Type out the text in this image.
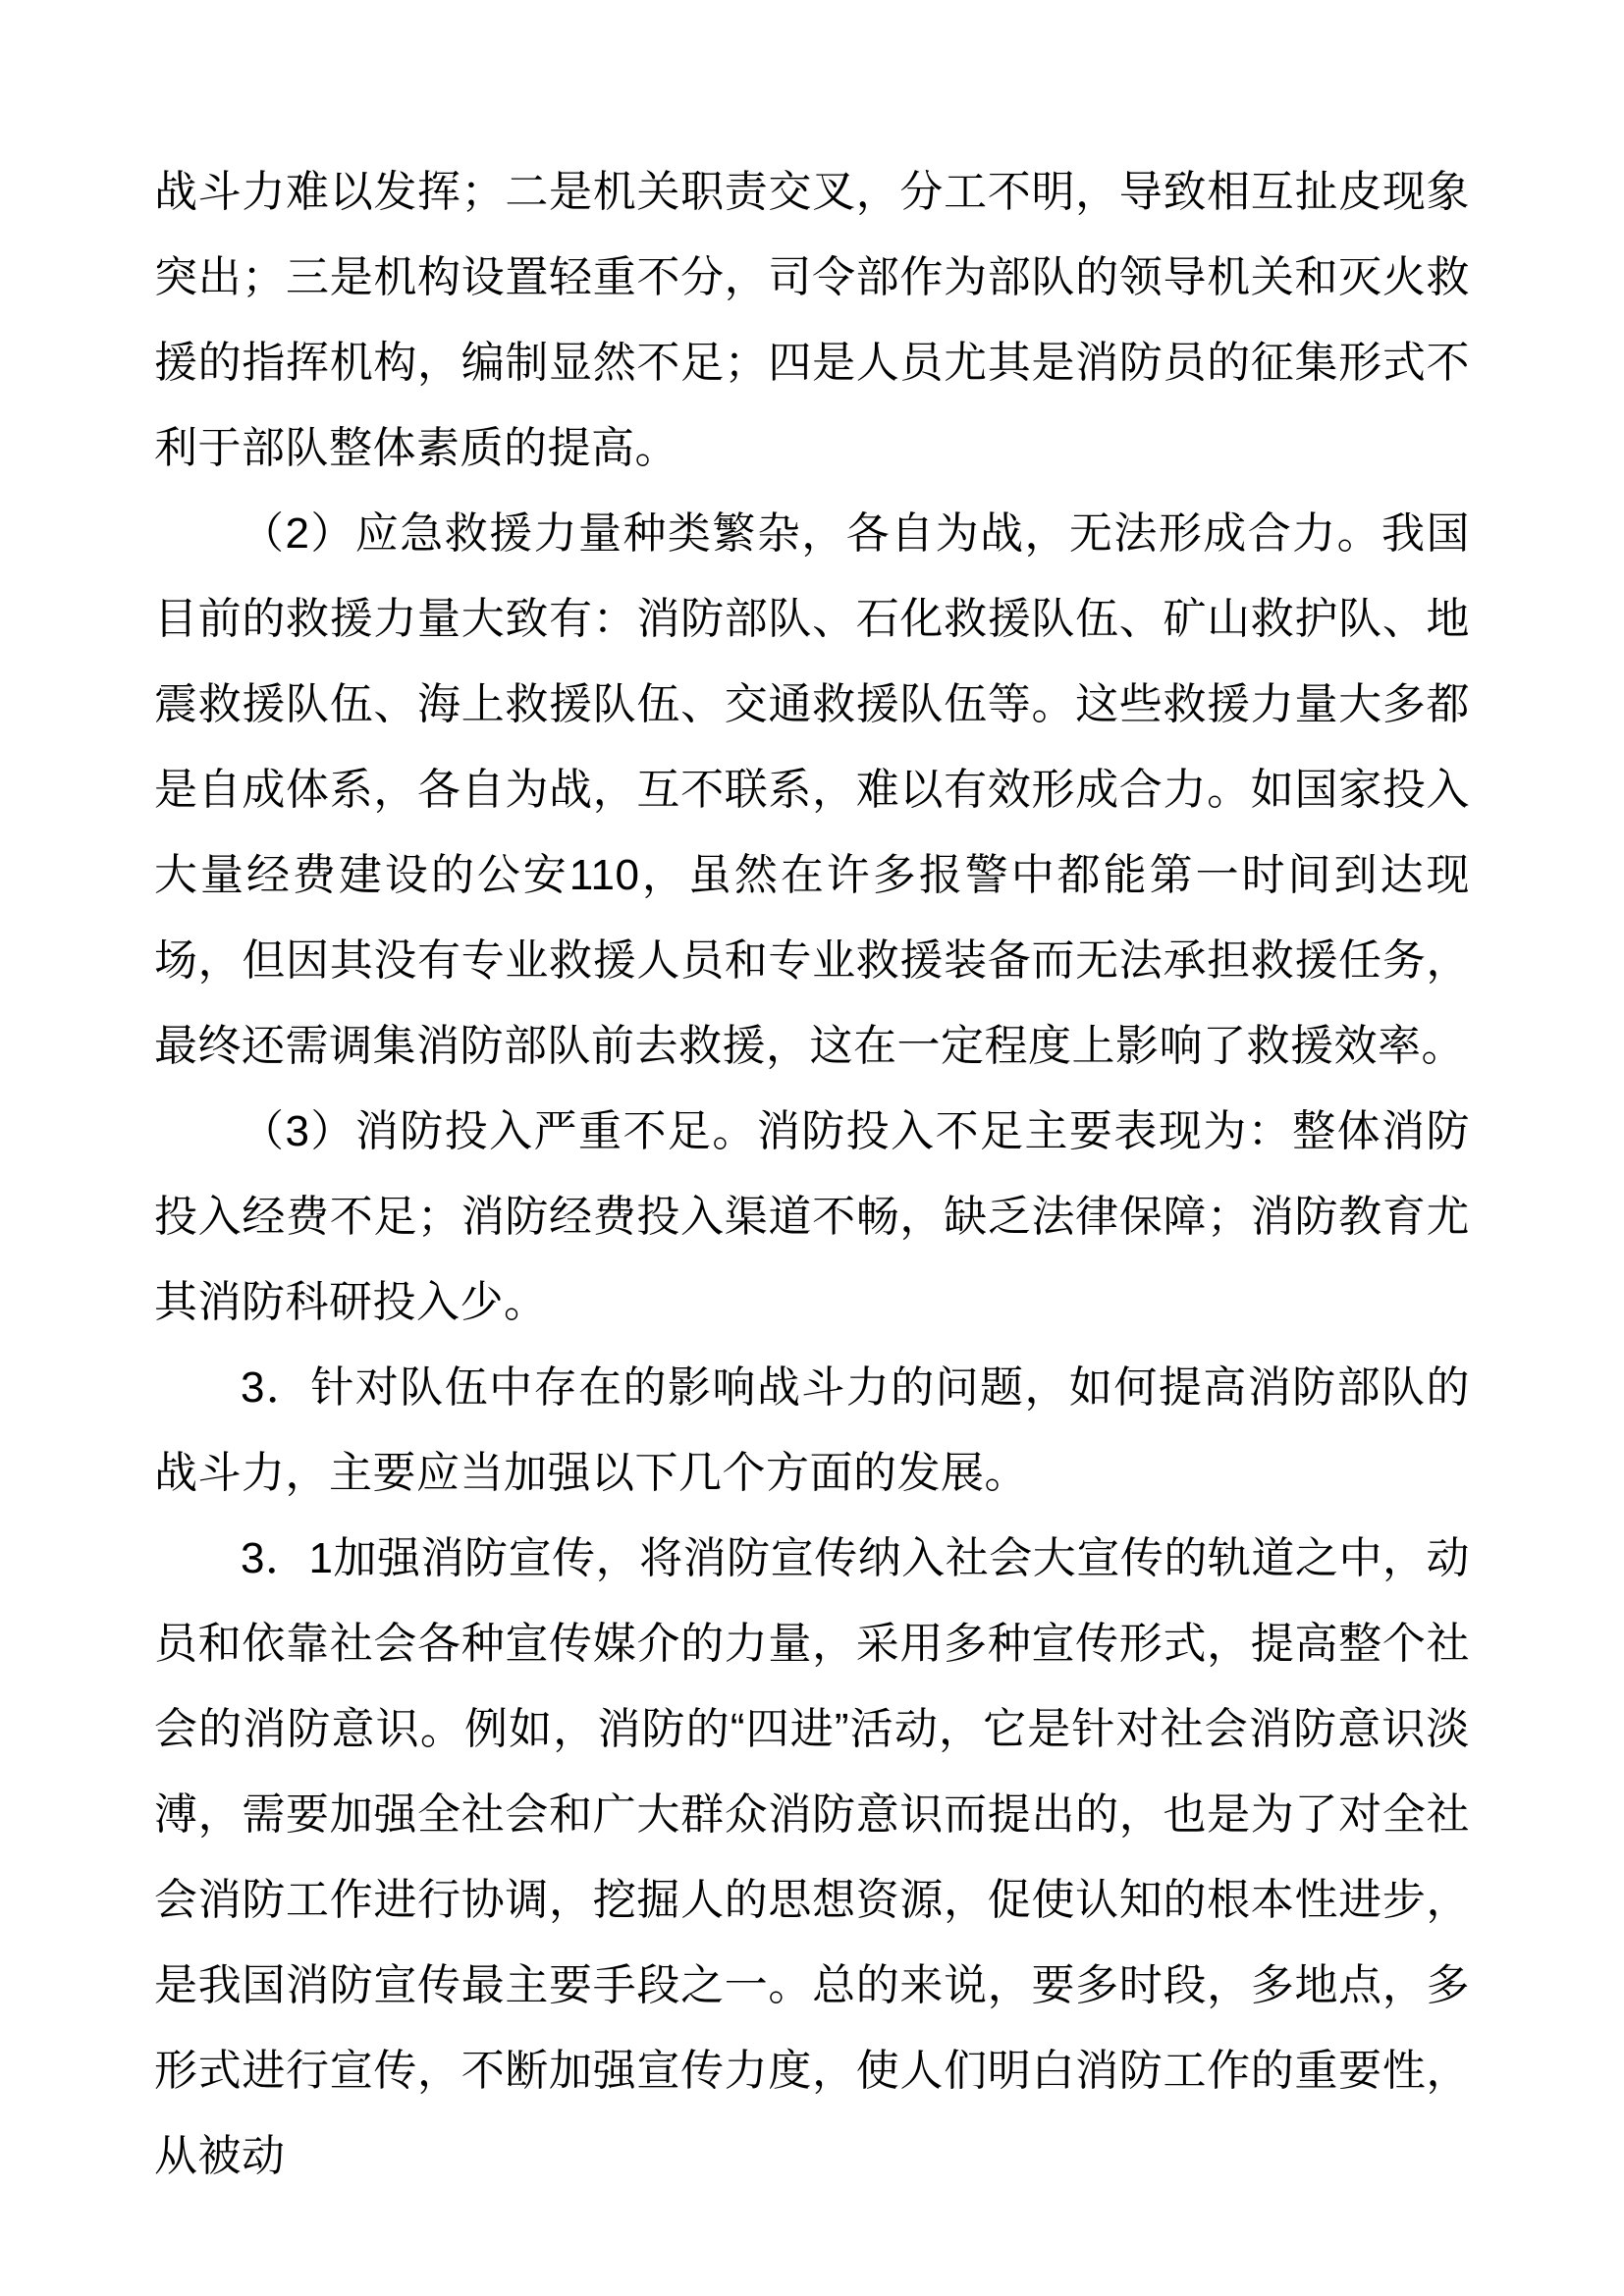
战斗力难以发挥；二是机关职责交叉，分工不明，导致相互扯皮现象突出；三是机构设置轻重不分，司令部作为部队的领导机关和灭火救援的指挥机构，编制显然不足；四是人员尤其是消防员的征集形式不利于部队整体素质的提高。

（2）应急救援力量种类繁杂，各自为战，无法形成合力。我国目前的救援力量大致有：消防部队、石化救援队伍、矿山救护队、地震救援队伍、海上救援队伍、交通救援队伍等。这些救援力量大多都是自成体系，各自为战，互不联系，难以有效形成合力。如国家投入大量经费建设的公安110，虽然在许多报警中都能第一时间到达现场，但因其没有专业救援人员和专业救援装备而无法承担救援任务，最终还需调集消防部队前去救援，这在一定程度上影响了救援效率。

（3）消防投入严重不足。消防投入不足主要表现为：整体消防投入经费不足；消防经费投入渠道不畅，缺乏法律保障；消防教育尤其消防科研投入少。

3．针对队伍中存在的影响战斗力的问题，如何提高消防部队的战斗力，主要应当加强以下几个方面的发展。

3．1加强消防宣传，将消防宣传纳入社会大宣传的轨道之中，动员和依靠社会各种宣传媒介的力量，采用多种宣传形式，提高整个社会的消防意识。例如，消防的“四进”活动，它是针对社会消防意识淡溥，需要加强全社会和广大群众消防意识而提出的，也是为了对全社会消防工作进行协调，挖掘人的思想资源，促使认知的根本性进步，是我国消防宣传最主要手段之一。总的来说，要多时段，多地点，多形式进行宣传，不断加强宣传力度，使人们明白消防工作的重要性，从被动
